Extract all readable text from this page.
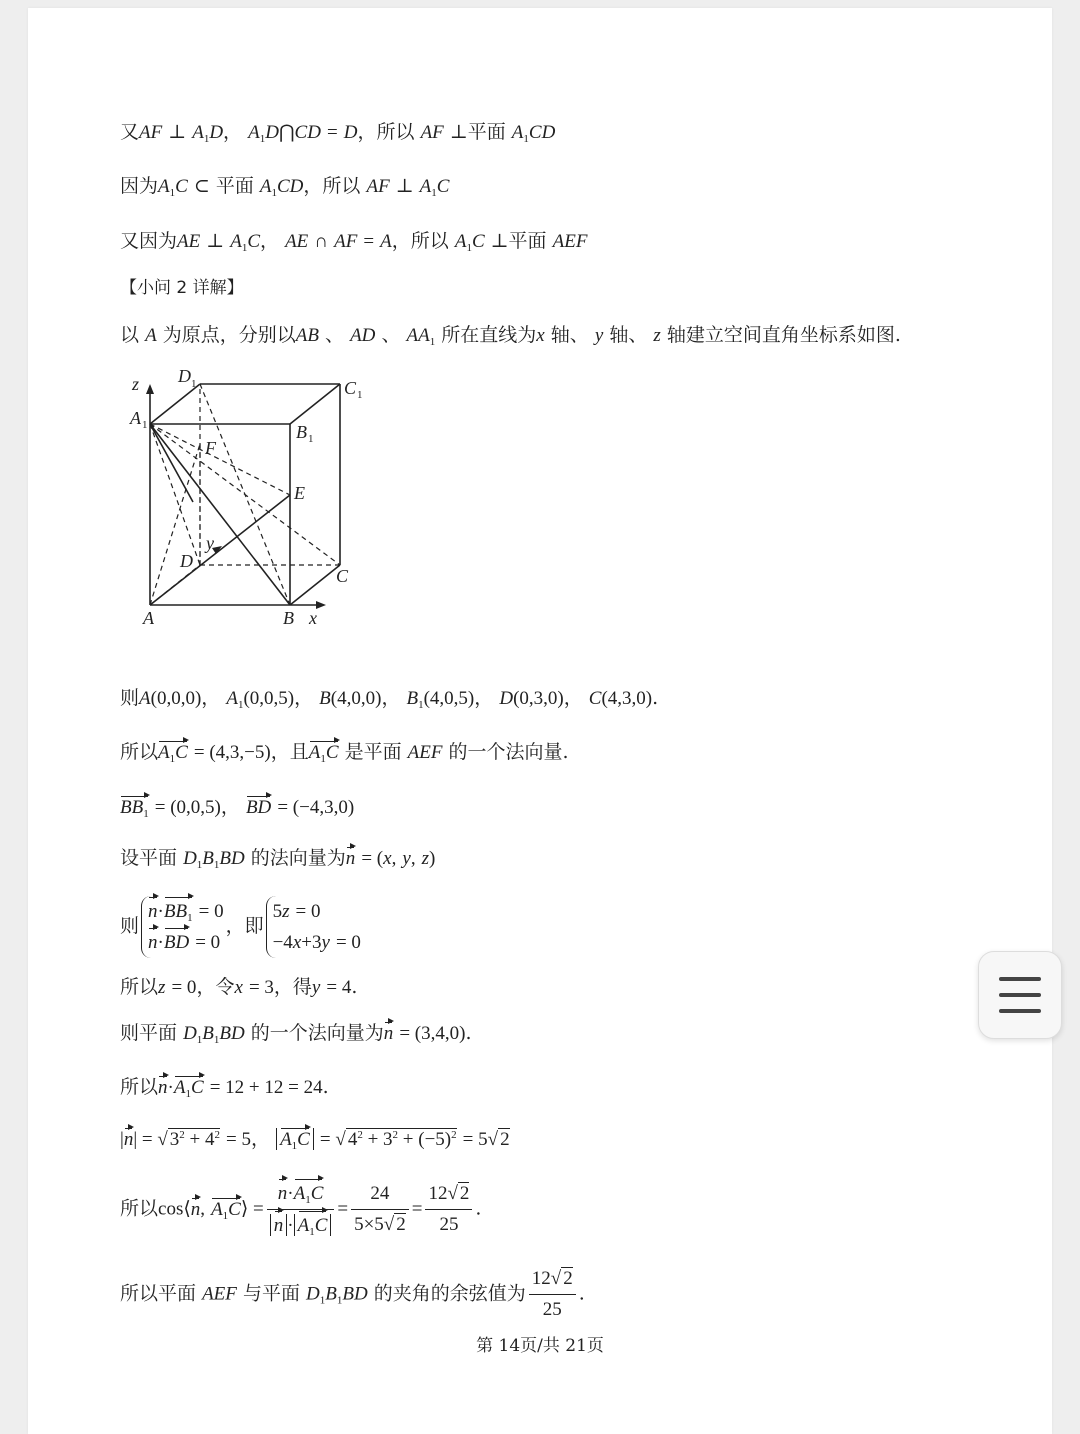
又AF ⊥ $A_1D$， $A_1D⋂CD = D$，所以 AF ⊥平面 $A_1CD$
因为$A_1C$ ⊂ 平面 $A_1CD$，所以 AF ⊥ $A_1C$
又因为AE ⊥ $A_1C$， AE ∩ AF = A，所以 $A_1C$ ⊥平面 AEF
【小问 2 详解】
以 A 为原点，分别以AB 、 AD 、 $AA_1$ 所在直线为x 轴、 y 轴、 z 轴建立空间直角坐标系如图.
z
A 1
D 1	C 1
B 1
F
E
y
D
C
A	B x
则A(0,0,0)， $A_1(0,0,5)$， B(4,0,0)， $B_1(4,0,5)$， D(0,3,0)， C(4,3,0).
所以$A_1C = (4,3,-5)$，且$A_1C$ 是平面 AEF 的一个法向量.
$BB_1 = (0,0,5)$， BD = (−4,3,0)
设平面 $D_1B_1BD$ 的法向量为n = (x, y, z)
则
$n\cdot BB_1 = 0$
n·BD = 0
，即
5z = 0
−4x+3y = 0
所以z = 0，令x = 3，得y = 4.
则平面 $D_1B_1BD$ 的一个法向量为n = (3,4,0).
所以$n\cdot A_1C = 12 + 12 = 24$.
|n| = √ $3^2 + 4^2 = 5$， $A_1C$ = √ $4^2 + 3^2 + (-5)^2 = 5√$ 2
所以cos⟨n, $A_1C⟩ = \frac{n\cdot A_1C}{n \cdot A_1C} = \frac{24}{5\times 5√ 2} = \frac{12√ 2}{25}$ .
所以平面 AEF 与平面 $D_1B_1BD$ 的夹角的余弦值为 $\frac{12√ 2}{25}$ .
第 14页/共 21页
